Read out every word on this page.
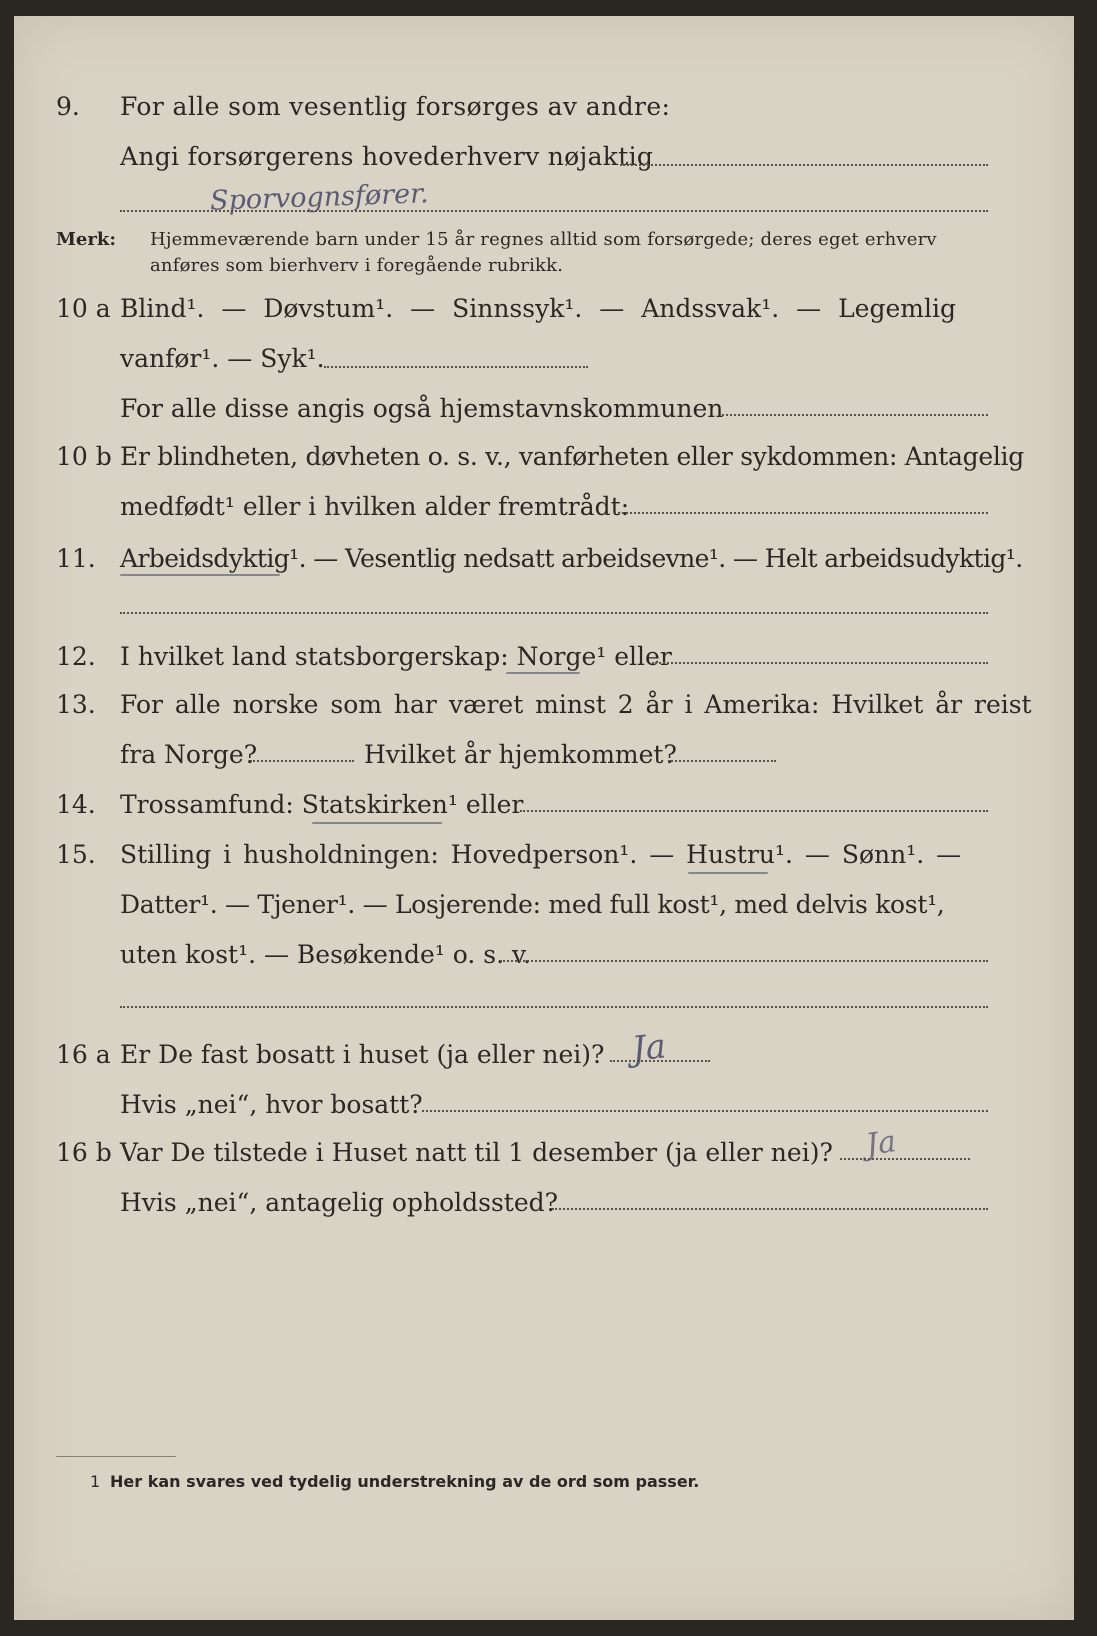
9. For alle som vesentlig forsørges av andre:
Angi forsørgerens hovederhverv nøjaktig
Sporvognsfører.
Merk: Hjemmeværende barn under 15 år regnes alltid som forsørgede; deres eget erhverv
anføres som bierhverv i foregående rubrikk.
10 a Blind¹. — Døvstum¹. — Sinnssyk¹. — Andssvak¹. — Legemlig
vanfør¹. — Syk¹.
For alle disse angis også hjemstavnskommunen
10 b Er blindheten, døvheten o. s. v., vanførheten eller sykdommen: Antagelig
medfødt¹ eller i hvilken alder fremtrådt:
11. Arbeidsdyktig¹. — Vesentlig nedsatt arbeidsevne¹. — Helt arbeidsudyktig¹.
12. I hvilket land statsborgerskap: Norge¹ eller
13. For alle norske som har været minst 2 år i Amerika: Hvilket år reist
fra Norge?	Hvilket år hjemkommet?
14. Trossamfund: Statskirken¹ eller
15. Stilling i husholdningen: Hovedperson¹. — Hustru¹. — Sønn¹. —
Datter¹. — Tjener¹. — Losjerende: med full kost¹, med delvis kost¹,
uten kost¹. — Besøkende¹ o. s. v.
16 a Er De fast bosatt i huset (ja eller nei)? Ja
Hvis „nei“, hvor bosatt?
16 b Var De tilstede i Huset natt til 1 desember (ja eller nei)? Ja
Hvis „nei“, antagelig opholdssted?
1 Her kan svares ved tydelig understrekning av de ord som passer.
